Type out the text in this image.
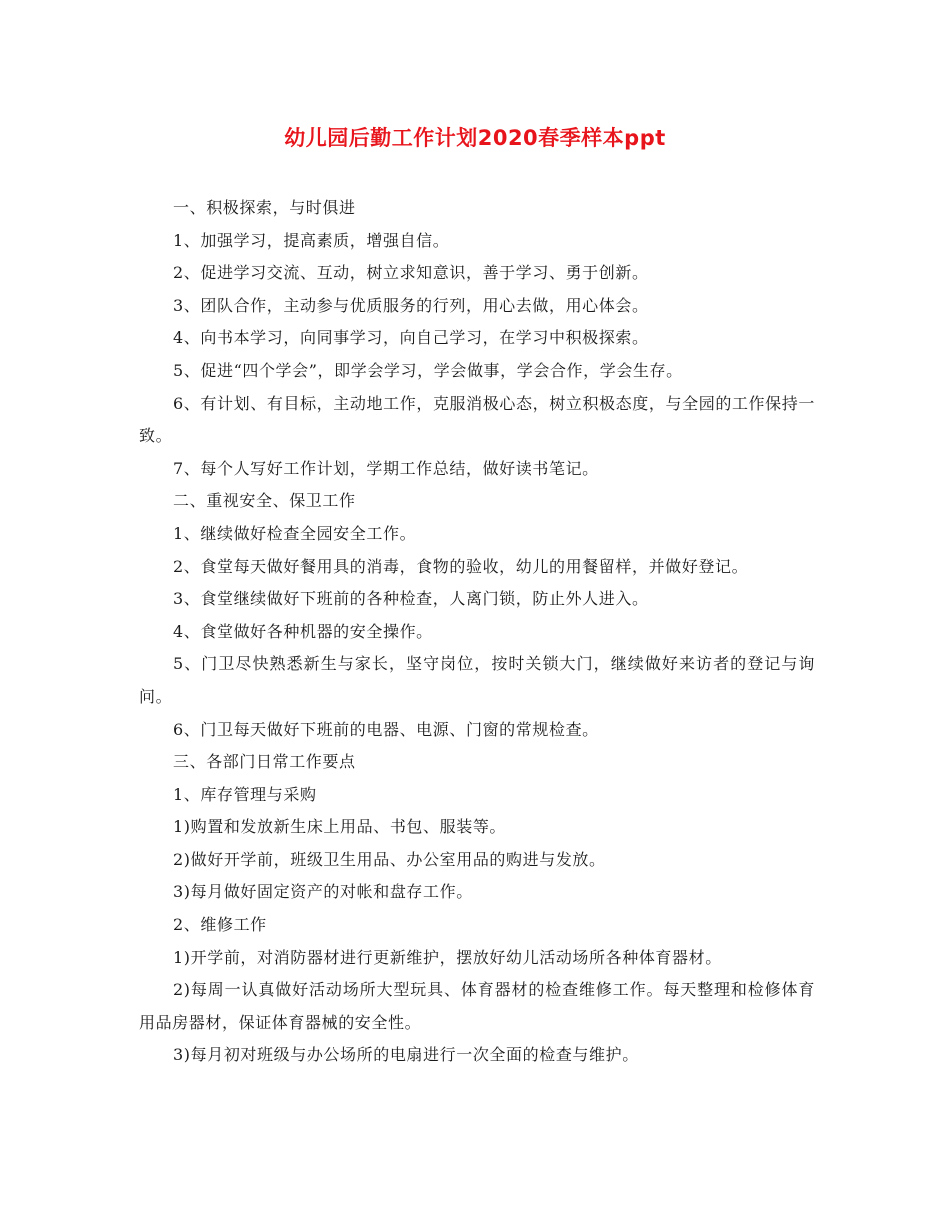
幼儿园后勤工作计划2020春季样本ppt

一、积极探索，与时俱进

1、加强学习，提高素质，增强自信。

2、促进学习交流、互动，树立求知意识，善于学习、勇于创新。

3、团队合作，主动参与优质服务的行列，用心去做，用心体会。

4、向书本学习，向同事学习，向自己学习，在学习中积极探索。

5、促进“四个学会”，即学会学习，学会做事，学会合作，学会生存。

6、有计划、有目标，主动地工作，克服消极心态，树立积极态度，与全园的工作保持一致。

7、每个人写好工作计划，学期工作总结，做好读书笔记。

二、重视安全、保卫工作

1、继续做好检查全园安全工作。

2、食堂每天做好餐用具的消毒，食物的验收，幼儿的用餐留样，并做好登记。

3、食堂继续做好下班前的各种检查，人离门锁，防止外人进入。

4、食堂做好各种机器的安全操作。

5、门卫尽快熟悉新生与家长，坚守岗位，按时关锁大门，继续做好来访者的登记与询问。

6、门卫每天做好下班前的电器、电源、门窗的常规检查。

三、各部门日常工作要点

1、库存管理与采购

1)购置和发放新生床上用品、书包、服装等。

2)做好开学前，班级卫生用品、办公室用品的购进与发放。

3)每月做好固定资产的对帐和盘存工作。

2、维修工作

1)开学前，对消防器材进行更新维护，摆放好幼儿活动场所各种体育器材。

2)每周一认真做好活动场所大型玩具、体育器材的检查维修工作。每天整理和检修体育用品房器材，保证体育器械的安全性。

3)每月初对班级与办公场所的电扇进行一次全面的检查与维护。
